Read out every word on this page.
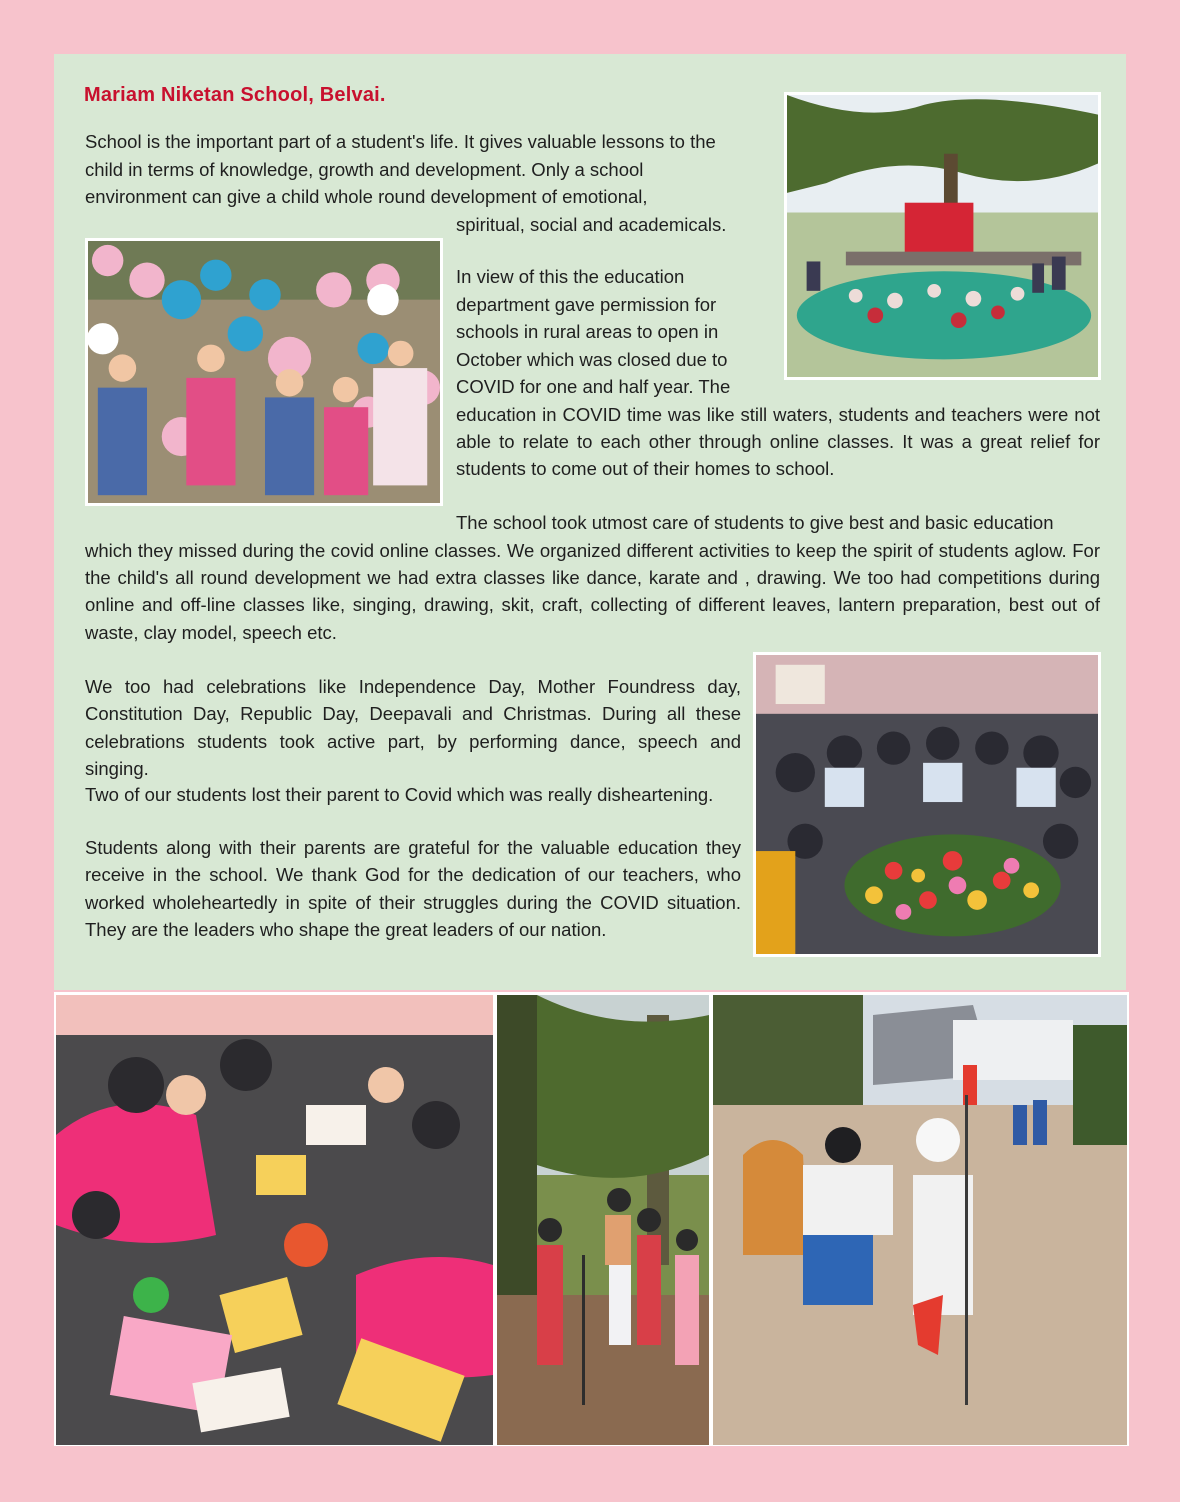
Mariam Niketan School, Belvai.

School is the important part of a student's life. It gives valuable lessons to the

child in terms of knowledge, growth and development. Only a school

environment can give a child whole round development of emotional,

spiritual, social and academicals.

In view of this the education

department gave permission for

schools in rural areas to open in

October which was closed due to

COVID for one and half year. The

education in COVID time was like still waters, students and teachers were not able to relate to each other through online classes. It was a great relief for students to come out of their homes to school.

The school took utmost care of students to give best and basic education

which they missed during the covid online classes. We organized different activities to keep the spirit of students aglow. For the child's all round development we had extra classes like dance, karate and , drawing. We too had competitions during online and off-line classes like, singing, drawing, skit, craft, collecting of different leaves, lantern preparation, best out of waste, clay model, speech etc.

We too had celebrations like Independence Day, Mother Foundress day, Constitution Day, Republic Day, Deepavali and Christmas. During all these celebrations students took active part, by performing dance, speech and singing.

Two of our students lost their parent to Covid which was really disheartening.

Students along with their parents are grateful for the valuable education they receive in the school. We thank God for the dedication of our teachers, who worked wholeheartedly in spite of their struggles during the COVID situation. They are the leaders who shape the great leaders of our nation.
